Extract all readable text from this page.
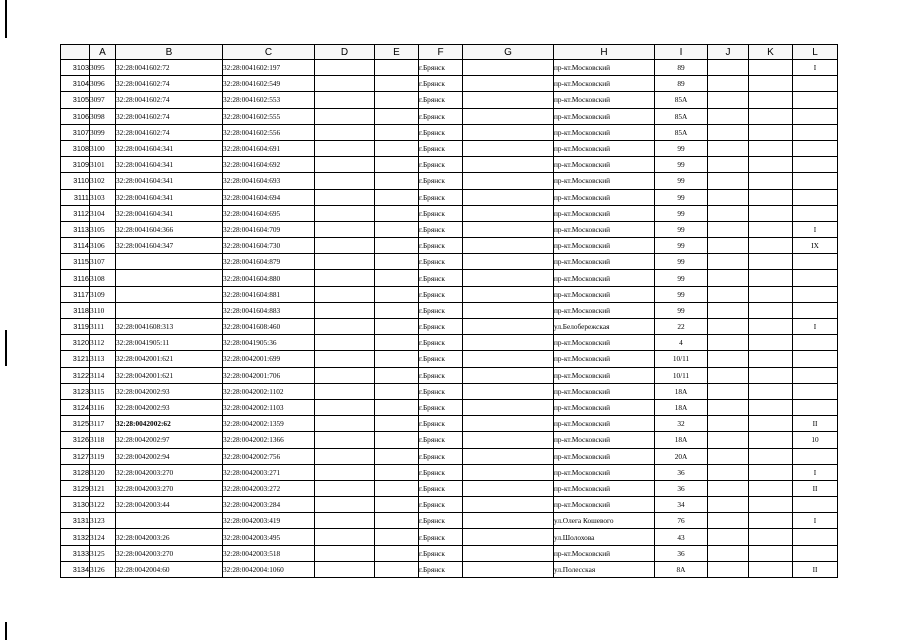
	A	B	C	D	E	F	G	H	I	J	K	L
3103	3095	32:28:0041602:72	32:28:0041602:197			г.Брянск		пр-кт.Московский	89			I
3104	3096	32:28:0041602:74	32:28:0041602:549			г.Брянск		пр-кт.Московский	89			
3105	3097	32:28:0041602:74	32:28:0041602:553			г.Брянск		пр-кт.Московский	85А			
3106	3098	32:28:0041602:74	32:28:0041602:555			г.Брянск		пр-кт.Московский	85А			
3107	3099	32:28:0041602:74	32:28:0041602:556			г.Брянск		пр-кт.Московский	85А			
3108	3100	32:28:0041604:341	32:28:0041604:691			г.Брянск		пр-кт.Московский	99			
3109	3101	32:28:0041604:341	32:28:0041604:692			г.Брянск		пр-кт.Московский	99			
3110	3102	32:28:0041604:341	32:28:0041604:693			г.Брянск		пр-кт.Московский	99			
3111	3103	32:28:0041604:341	32:28:0041604:694			г.Брянск		пр-кт.Московский	99			
3112	3104	32:28:0041604:341	32:28:0041604:695			г.Брянск		пр-кт.Московский	99			
3113	3105	32:28:0041604:366	32:28:0041604:709			г.Брянск		пр-кт.Московский	99			I
3114	3106	32:28:0041604:347	32:28:0041604:730			г.Брянск		пр-кт.Московский	99			IX
3115	3107		32:28:0041604:879			г.Брянск		пр-кт.Московский	99			
3116	3108		32:28:0041604:880			г.Брянск		пр-кт.Московский	99			
3117	3109		32:28:0041604:881			г.Брянск		пр-кт.Московский	99			
3118	3110		32:28:0041604:883			г.Брянск		пр-кт.Московский	99			
3119	3111	32:28:0041608:313	32:28:0041608:460			г.Брянск		ул.Белобережская	22			I
3120	3112	32:28:0041905:11	32:28:0041905:36			г.Брянск		пр-кт.Московский	4			
3121	3113	32:28:0042001:621	32:28:0042001:699			г.Брянск		пр-кт.Московский	10/11			
3122	3114	32:28:0042001:621	32:28:0042001:706			г.Брянск		пр-кт.Московский	10/11			
3123	3115	32:28:0042002:93	32:28:0042002:1102			г.Брянск		пр-кт.Московский	18А			
3124	3116	32:28:0042002:93	32:28:0042002:1103			г.Брянск		пр-кт.Московский	18А			
3125	3117	32:28:0042002:62	32:28:0042002:1359			г.Брянск		пр-кт.Московский	32			II
3126	3118	32:28:0042002:97	32:28:0042002:1366			г.Брянск		пр-кт.Московский	18А			10
3127	3119	32:28:0042002:94	32:28:0042002:756			г.Брянск		пр-кт.Московский	20А			
3128	3120	32:28:0042003:270	32:28:0042003:271			г.Брянск		пр-кт.Московский	36			I
3129	3121	32:28:0042003:270	32:28:0042003:272			г.Брянск		пр-кт.Московский	36			II
3130	3122	32:28:0042003:44	32:28:0042003:284			г.Брянск		пр-кт.Московский	34			
3131	3123		32:28:0042003:419			г.Брянск		ул.Олега Кошевого	76			I
3132	3124	32:28:0042003:26	32:28:0042003:495			г.Брянск		ул.Шолохова	43			
3133	3125	32:28:0042003:270	32:28:0042003:518			г.Брянск		пр-кт.Московский	36			
3134	3126	32:28:0042004:60	32:28:0042004:1060			г.Брянск		ул.Полесская	8А			II
